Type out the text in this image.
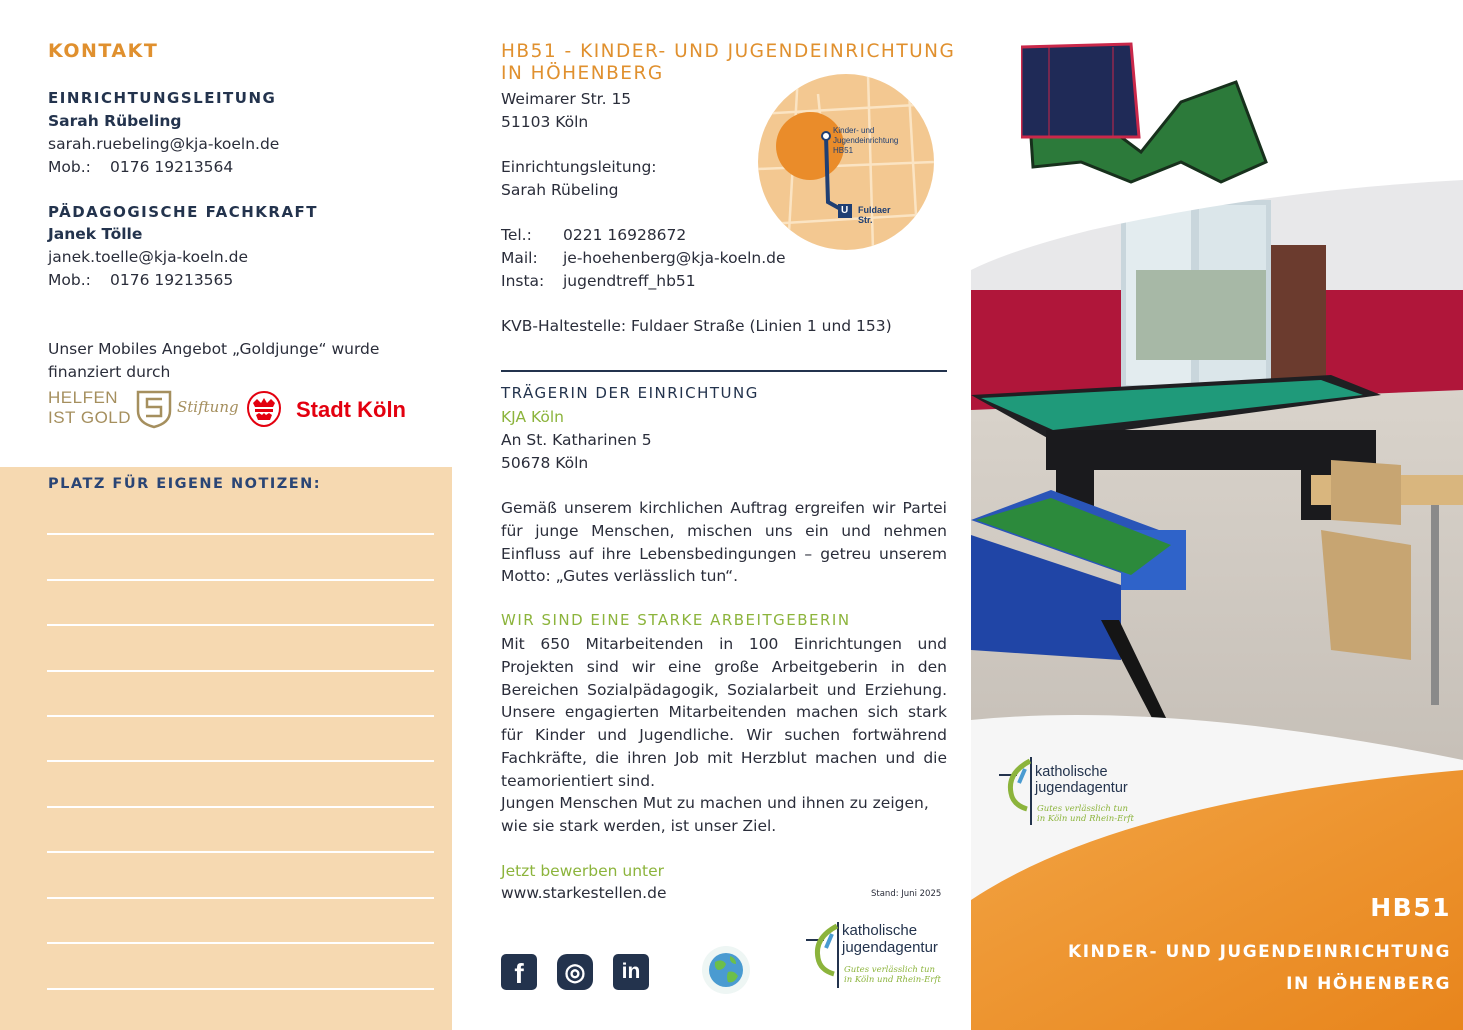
KONTAKT
EINRICHTUNGSLEITUNG
Sarah Rübeling
sarah.ruebeling@kja-koeln.de
Mob.:	0176 19213564
PÄDAGOGISCHE FACHKRAFT
Janek Tölle
janek.toelle@kja-koeln.de
Mob.:	0176 19213565
Unser Mobiles Angebot „Goldjunge“ wurde finanziert durch
HELFEN
IST GOLD
Stiftung	Stadt Köln
PLATZ FÜR EIGENE NOTIZEN:
HB51 - KINDER- UND JUGENDEINRICHTUNG
IN HÖHENBERG
Weimarer Str. 15
51103 Köln
Einrichtungsleitung:
Sarah Rübeling
Tel.:	0221 16928672
Mail:	je-hoehenberg@kja-koeln.de
Insta:	jugendtreff_hb51
KVB-Haltestelle: Fuldaer Straße (Linien 1 und 153)
Kinder- und
Jugendeinrichtung
HB51
U Fuldaer
Str.
TRÄGERIN DER EINRICHTUNG
KJA Köln
An St. Katharinen 5
50678 Köln
Gemäß unserem kirchlichen Auftrag ergreifen wir Partei für junge Menschen, mischen uns ein und nehmen Einfluss auf ihre Lebensbedingungen – getreu unserem Motto: „Gutes verlässlich tun“.
WIR SIND EINE STARKE ARBEITGEBERIN
Mit 650 Mitarbeitenden in 100 Einrichtungen und Projekten sind wir eine große Arbeitgeberin in den Bereichen Sozialpädagogik, Sozialarbeit und Erziehung. Unsere engagierten Mitarbeitenden machen sich stark für Kinder und Jugendliche. Wir suchen fortwährend Fachkräfte, die ihren Job mit Herzblut machen und die teamorientiert sind.
Jungen Menschen Mut zu machen und ihnen zu zeigen,
wie sie stark werden, ist unser Ziel.
Jetzt bewerben unter
www.starkestellen.de	Stand: Juni 2025
f	◎	in
katholische
jugendagentur
Gutes verlässlich tun
in Köln und Rhein-Erft
katholische
jugendagentur
Gutes verlässlich tun
in Köln und Rhein-Erft
HB51
KINDER- UND JUGENDEINRICHTUNG
IN HÖHENBERG
